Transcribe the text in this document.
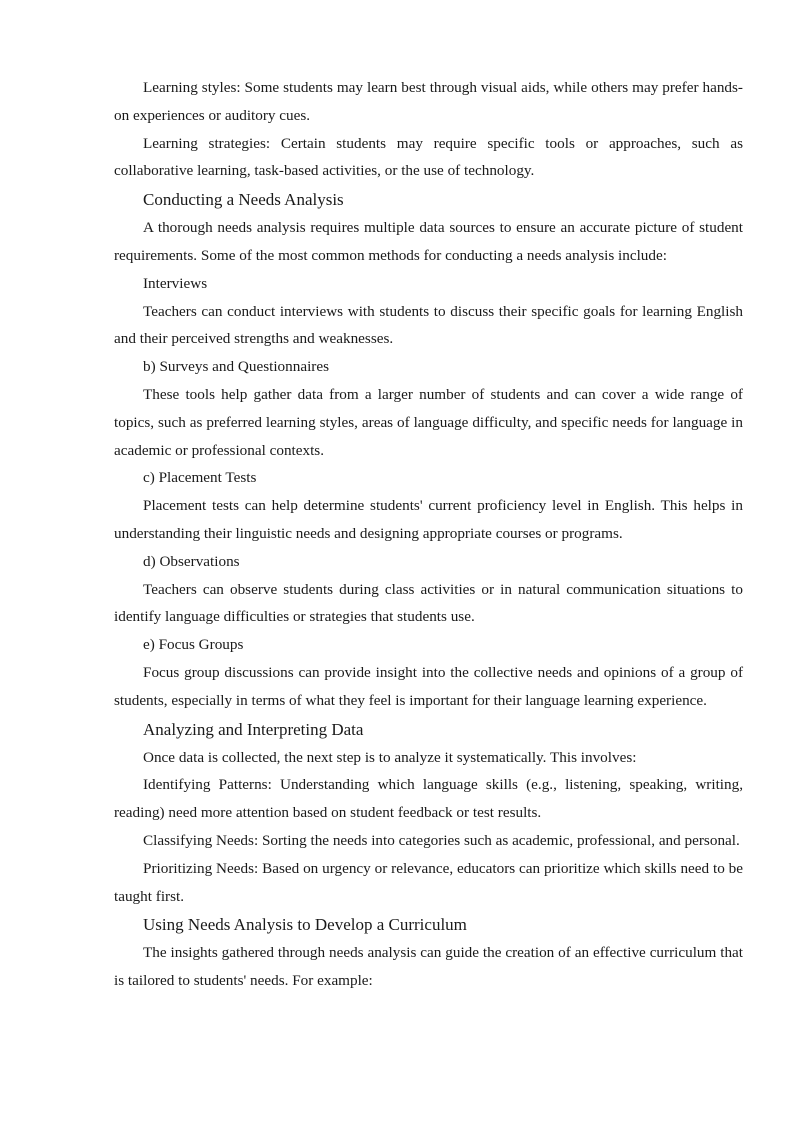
Learning styles: Some students may learn best through visual aids, while others may prefer hands-on experiences or auditory cues.

Learning strategies: Certain students may require specific tools or approaches, such as collaborative learning, task-based activities, or the use of technology.

Conducting a Needs Analysis

A thorough needs analysis requires multiple data sources to ensure an accurate picture of student requirements. Some of the most common methods for conducting a needs analysis include:

Interviews

Teachers can conduct interviews with students to discuss their specific goals for learning English and their perceived strengths and weaknesses.

b) Surveys and Questionnaires

These tools help gather data from a larger number of students and can cover a wide range of topics, such as preferred learning styles, areas of language difficulty, and specific needs for language in academic or professional contexts.

c) Placement Tests

Placement tests can help determine students' current proficiency level in English. This helps in understanding their linguistic needs and designing appropriate courses or programs.

d) Observations

Teachers can observe students during class activities or in natural communication situations to identify language difficulties or strategies that students use.

e) Focus Groups

Focus group discussions can provide insight into the collective needs and opinions of a group of students, especially in terms of what they feel is important for their language learning experience.

Analyzing and Interpreting Data

Once data is collected, the next step is to analyze it systematically. This involves:

Identifying Patterns: Understanding which language skills (e.g., listening, speaking, writing, reading) need more attention based on student feedback or test results.

Classifying Needs: Sorting the needs into categories such as academic, professional, and personal.

Prioritizing Needs: Based on urgency or relevance, educators can prioritize which skills need to be taught first.

Using Needs Analysis to Develop a Curriculum

The insights gathered through needs analysis can guide the creation of an effective curriculum that is tailored to students' needs. For example:
